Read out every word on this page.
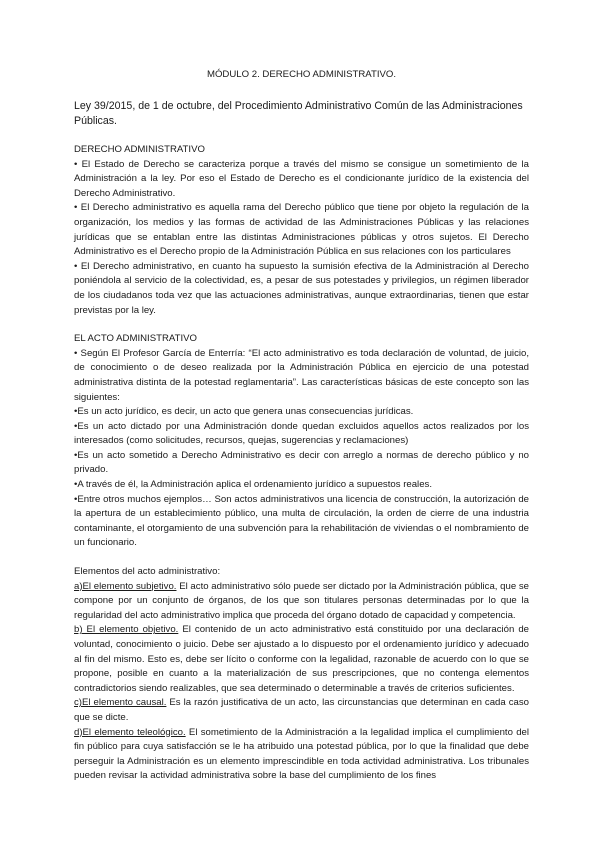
MÓDULO 2. DERECHO ADMINISTRATIVO.

Ley 39/2015, de 1 de octubre, del Procedimiento Administrativo Común de las Administraciones Públicas.

DERECHO ADMINISTRATIVO

• El Estado de Derecho se caracteriza porque a través del mismo se consigue un sometimiento de la Administración a la ley. Por eso el Estado de Derecho es el condicionante jurídico de la existencia del Derecho Administrativo.

• El Derecho administrativo es aquella rama del Derecho público que tiene por objeto la regulación de la organización, los medios y las formas de actividad de las Administraciones Públicas y las relaciones jurídicas que se entablan entre las distintas Administraciones públicas y otros sujetos. El Derecho Administrativo es el Derecho propio de la Administración Pública en sus relaciones con los particulares

• El Derecho administrativo, en cuanto ha supuesto la sumisión efectiva de la Administración al Derecho poniéndola al servicio de la colectividad, es, a pesar de sus potestades y privilegios, un régimen liberador de los ciudadanos toda vez que las actuaciones administrativas, aunque extraordinarias, tienen que estar previstas por la ley.

EL ACTO ADMINISTRATIVO

• Según El Profesor García de Enterría: “El acto administrativo es toda declaración de voluntad, de juicio, de conocimiento o de deseo realizada por la Administración Pública en ejercicio de una potestad administrativa distinta de la potestad reglamentaria”. Las características básicas de este concepto son las siguientes:

•Es un acto jurídico, es decir, un acto que genera unas consecuencias jurídicas.

•Es un acto dictado por una Administración donde quedan excluidos aquellos actos realizados por los interesados (como solicitudes, recursos, quejas, sugerencias y reclamaciones)

•Es un acto sometido a Derecho Administrativo es decir con arreglo a normas de derecho público y no privado.

•A través de él, la Administración aplica el ordenamiento jurídico a supuestos reales.

•Entre otros muchos ejemplos… Son actos administrativos una licencia de construcción, la autorización de la apertura de un establecimiento público, una multa de circulación, la orden de cierre de una industria contaminante, el otorgamiento de una subvención para la rehabilitación de viviendas o el nombramiento de un funcionario.

Elementos del acto administrativo:

a)El elemento subjetivo. El acto administrativo sólo puede ser dictado por la Administración pública, que se compone por un conjunto de órganos, de los que son titulares personas determinadas por lo que la regularidad del acto administrativo implica que proceda del órgano dotado de capacidad y competencia.

b) El elemento objetivo. El contenido de un acto administrativo está constituido por una declaración de voluntad, conocimiento o juicio. Debe ser ajustado a lo dispuesto por el ordenamiento jurídico y adecuado al fin del mismo. Esto es, debe ser lícito o conforme con la legalidad, razonable de acuerdo con lo que se propone, posible en cuanto a la materialización de sus prescripciones, que no contenga elementos contradictorios siendo realizables, que sea determinado o determinable a través de criterios suficientes.

c)El elemento causal. Es la razón justificativa de un acto, las circunstancias que determinan en cada caso que se dicte.

d)El elemento teleológico. El sometimiento de la Administración a la legalidad implica el cumplimiento del fin público para cuya satisfacción se le ha atribuido una potestad pública, por lo que la finalidad que debe perseguir la Administración es un elemento imprescindible en toda actividad administrativa. Los tribunales pueden revisar la actividad administrativa sobre la base del cumplimiento de los fines
